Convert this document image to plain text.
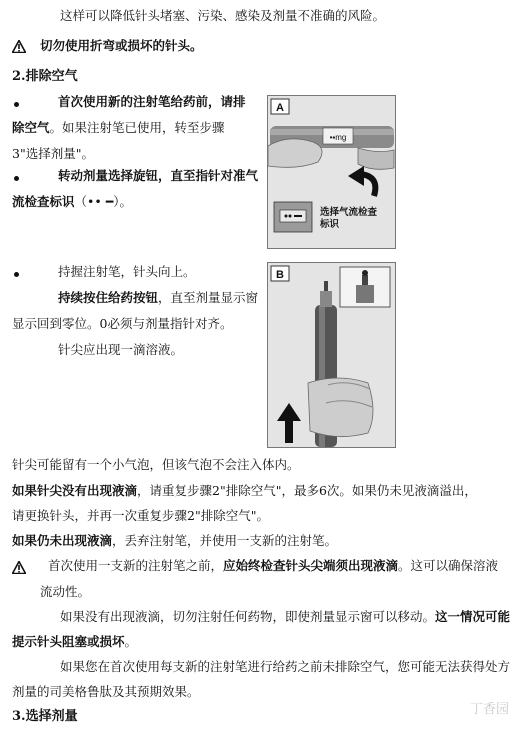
这样可以降低针头堵塞、污染、感染及剂量不准确的风险。
切勿使用折弯或损坏的针头。
2.排除空气
首次使用新的注射笔给药前，请排
除空气。如果注射笔已使用，转至步骤
3"选择剂量"。
转动剂量选择旋钮，直至指针对准气
流检查标识（•• ━）。
A
•▪mg
选择气流检查标识
持握注射笔，针头向上。
持续按住给药按钮，直至剂量显示窗
显示回到零位。0必须与剂量指针对齐。
针尖应出现一滴溶液。
B
针尖可能留有一个小气泡，但该气泡不会注入体内。
如果针尖没有出现液滴，请重复步骤2"排除空气"，最多6次。如果仍未见液滴溢出，
请更换针头，并再一次重复步骤2"排除空气"。
如果仍未出现液滴，丢弃注射笔，并使用一支新的注射笔。
首次使用一支新的注射笔之前，应始终检查针头尖端须出现液滴。这可以确保溶液
流动性。
如果没有出现液滴，切勿注射任何药物，即使剂量显示窗可以移动。这一情况可能
提示针头阻塞或损坏。
如果您在首次使用每支新的注射笔进行给药之前未排除空气，您可能无法获得处方
剂量的司美格鲁肽及其预期效果。
3.选择剂量	丁香园
